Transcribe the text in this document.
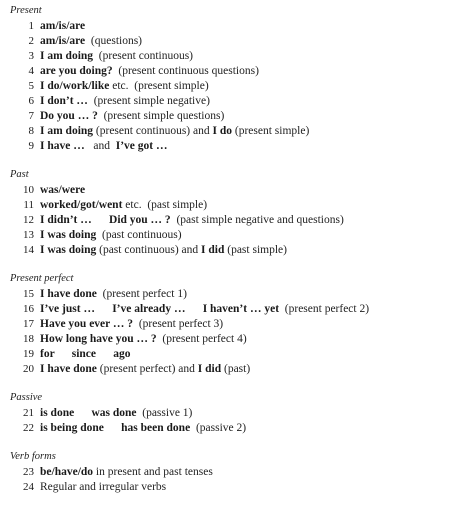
Present
1 am/is/are
2 am/is/are  (questions)
3 I am doing  (present continuous)
4 are you doing?  (present continuous questions)
5 I do/work/like etc.  (present simple)
6 I don’t …  (present simple negative)
7 Do you … ?  (present simple questions)
8 I am doing (present continuous) and I do (present simple)
9 I have …   and  I’ve got …
Past
10 was/were
11 worked/got/went etc.  (past simple)
12 I didn’t …      Did you … ?  (past simple negative and questions)
13 I was doing  (past continuous)
14 I was doing (past continuous) and I did (past simple)
Present perfect
15 I have done  (present perfect 1)
16 I’ve just …      I’ve already …      I haven’t … yet  (present perfect 2)
17 Have you ever … ?  (present perfect 3)
18 How long have you … ?  (present perfect 4)
19 for      since      ago
20 I have done (present perfect) and I did (past)
Passive
21 is done      was done  (passive 1)
22 is being done      has been done  (passive 2)
Verb forms
23 be/have/do in present and past tenses
24 Regular and irregular verbs
